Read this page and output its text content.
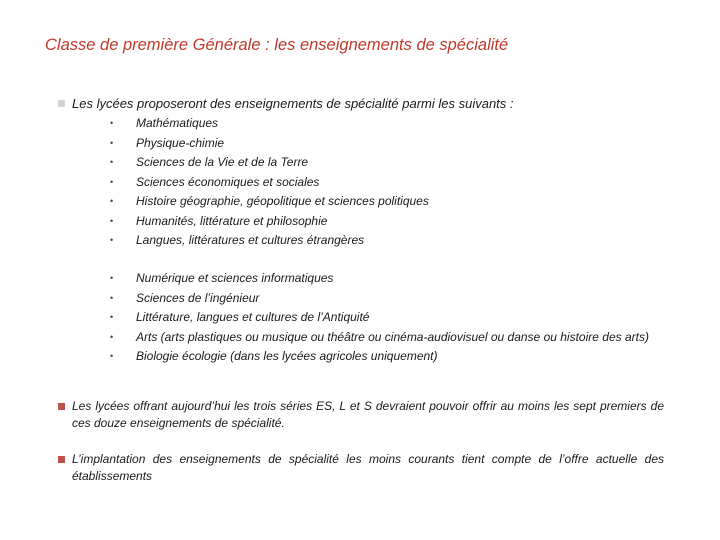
Classe de première Générale : les enseignements de spécialité
Les lycées proposeront des enseignements de spécialité parmi les suivants :
•	Mathématiques
•	Physique-chimie
•	Sciences de la Vie et de la Terre
•	Sciences économiques et sociales
•	Histoire géographie, géopolitique et sciences politiques
•	Humanités, littérature et philosophie
•	Langues, littératures et cultures étrangères
•	Numérique et sciences informatiques
•	Sciences de l’ingénieur
•	Littérature, langues et cultures de l’Antiquité
•	Arts (arts plastiques ou musique ou théâtre ou cinéma-audiovisuel ou danse ou histoire des arts)
•	Biologie écologie (dans les lycées agricoles uniquement)
Les lycées offrant aujourd’hui les trois séries ES, L et S devraient pouvoir offrir au moins les sept premiers de ces douze enseignements de spécialité.
L’implantation des enseignements de spécialité les moins courants tient compte de l’offre actuelle des établissements
